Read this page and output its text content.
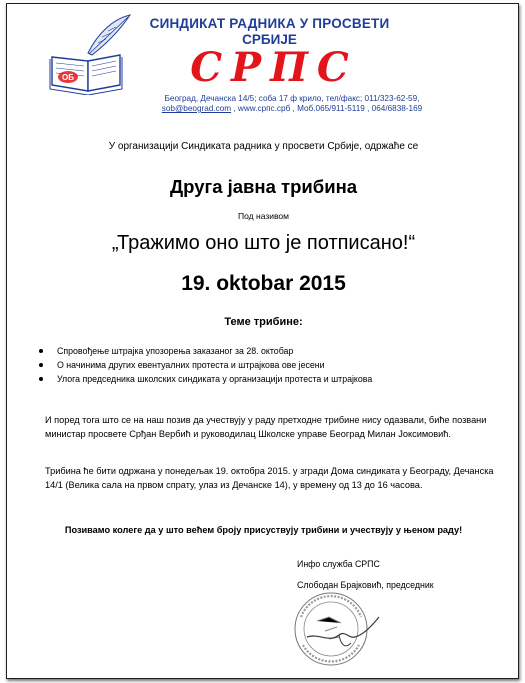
ОБ
СИНДИКАТ РАДНИКА У ПРОСВЕТИ
СРБИЈЕ
СРПС
Београд, Дечанска 14/5; соба 17 ф крило, тел/факс; 011/323-62-59,
sob@beograd.com , www.српс.срб , Моб.065/911-5119 , 064/6838-169
У организацији Синдиката радника у просвети Србије, одржаће се
Друга јавна трибина
Под називом
„Тражимо оно што је потписано!“
19. oktobar 2015
Теме трибине:
Спровођење штрајка упозорења заказаног за 28. октобар
О начинима других евентуалних протеста и штрајкова ове јесени
Улога председника школских синдиката у организацији протеста и штрајкова

И поред тога што се на наш позив да учествују у раду претходне трибине нису одазвали, биће позвани министар просвете Срђан Вербић и руководилац Школске управе Београд Милан Јоксимовић.

Трибина ће бити одржана у понедељак 19. октобра 2015. у згради Дома синдиката у Београду, Дечанска 14/1 (Велика сала на првом спрату, улаз из Дечанске 14), у времену од 13 до 16 часова.

Позивамо колеге да у што већем броју присуствују трибини и учествују у њеном раду!
Инфо служба СРПС
Слободан Брајковић, председник
